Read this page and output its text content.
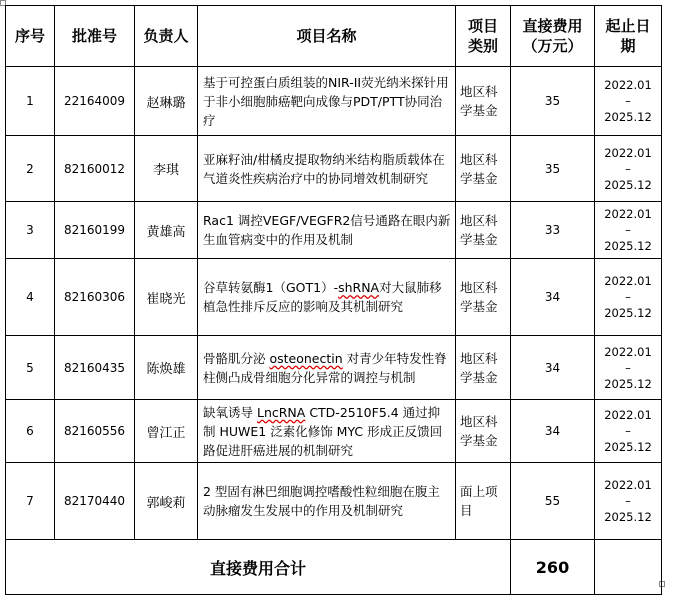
序号	批准号	负责人	项目名称	项目类别	直接费用（万元）	起止日期
1	22164009	赵琳璐	基于可控蛋白质组装的NIR-II荧光纳米探针用于非小细胞肺癌靶向成像与PDT/PTT协同治疗	地区科学基金	35	2022.01
–
2025.12

2	82160012	李琪	亚麻籽油/柑橘皮提取物纳米结构脂质载体在气道炎性疾病治疗中的协同增效机制研究	地区科学基金	35	2022.01
–
2025.12

3	82160199	黄雄高	Rac1 调控VEGF/VEGFR2信号通路在眼内新生血管病变中的作用及机制	地区科学基金	33	2022.01
–
2025.12

4	82160306	崔晓光	谷草转氨酶1（GOT1）-shRNA对大鼠肺移植急性排斥反应的影响及其机制研究	地区科学基金	34	2022.01
–
2025.12

5	82160435	陈焕雄	骨骼肌分泌 osteonectin 对青少年特发性脊柱侧凸成骨细胞分化异常的调控与机制	地区科学基金	34	2022.01
–
2025.12

6	82160556	曾江正	缺氧诱导 LncRNA CTD-2510F5.4 通过抑制 HUWE1 泛素化修饰 MYC 形成正反馈回路促进肝癌进展的机制研究	地区科学基金	34	2022.01
–
2025.12

7	82170440	郭峻莉	2 型固有淋巴细胞调控嗜酸性粒细胞在腹主动脉瘤发生发展中的作用及机制研究	面上项目	55	2022.01
–
2025.12

直接费用合计					260	
